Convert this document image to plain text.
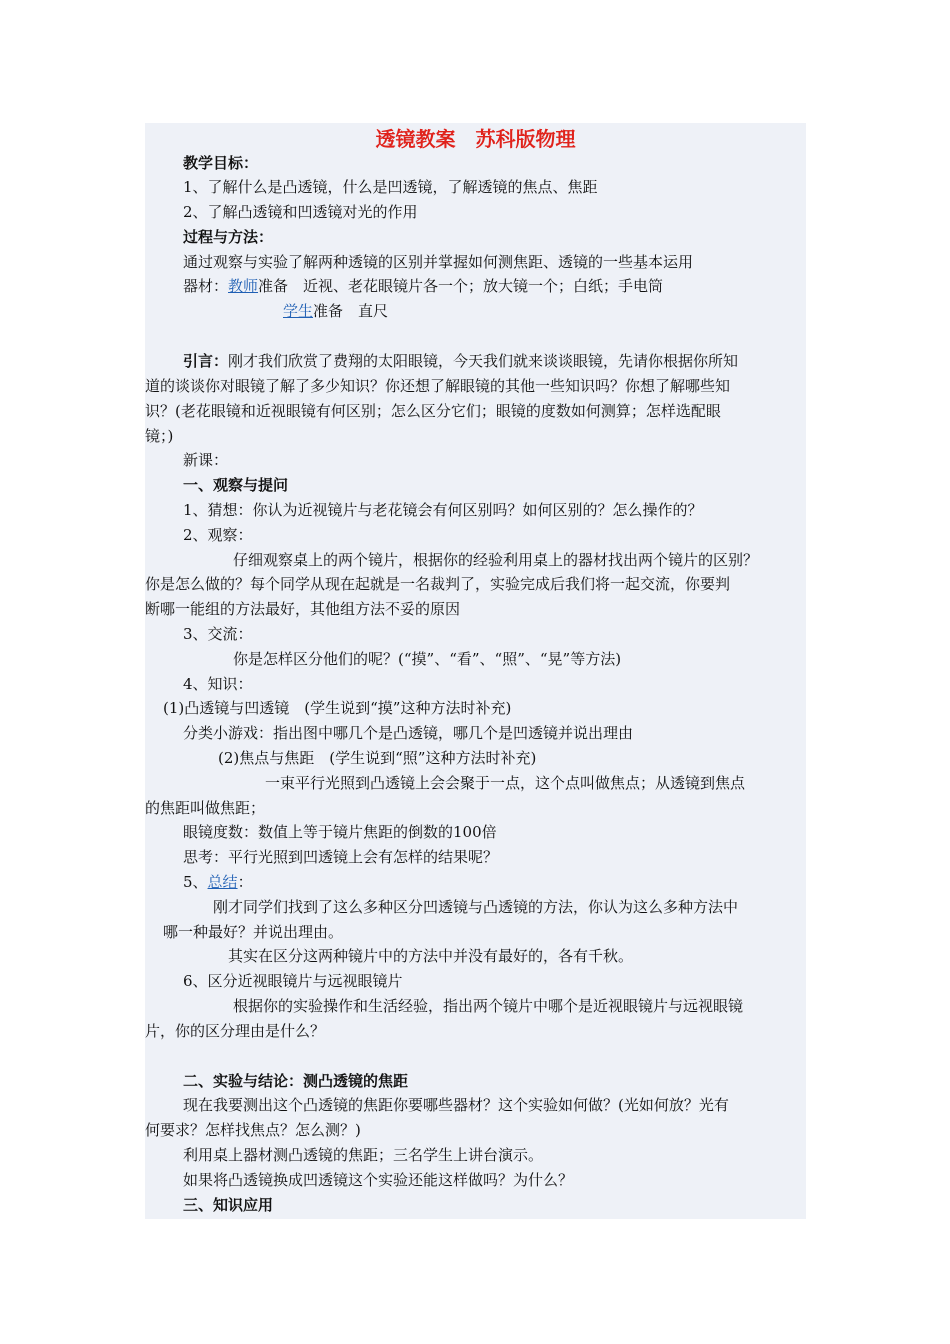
透镜教案　苏科版物理
教学目标：
1、了解什么是凸透镜，什么是凹透镜，了解透镜的焦点、焦距
2、了解凸透镜和凹透镜对光的作用
过程与方法：
通过观察与实验了解两种透镜的区别并掌握如何测焦距、透镜的一些基本运用
器材：教师准备　近视、老花眼镜片各一个；放大镜一个；白纸；手电筒
学生准备　直尺
引言：刚才我们欣赏了费翔的太阳眼镜，今天我们就来谈谈眼镜，先请你根据你所知
道的谈谈你对眼镜了解了多少知识？你还想了解眼镜的其他一些知识吗？你想了解哪些知
识？(老花眼镜和近视眼镜有何区别；怎么区分它们；眼镜的度数如何测算；怎样选配眼
镜；)
新课：
一、观察与提问
1、猜想：你认为近视镜片与老花镜会有何区别吗？如何区别的？怎么操作的？
2、观察：
仔细观察桌上的两个镜片，根据你的经验利用桌上的器材找出两个镜片的区别？
你是怎么做的？每个同学从现在起就是一名裁判了，实验完成后我们将一起交流，你要判
断哪一能组的方法最好，其他组方法不妥的原因
3、交流：
你是怎样区分他们的呢？(“摸”、“看”、“照”、“晃”等方法)
4、知识：
(1)凸透镜与凹透镜　(学生说到“摸”这种方法时补充)
分类小游戏：指出图中哪几个是凸透镜，哪几个是凹透镜并说出理由
(2)焦点与焦距　(学生说到“照”这种方法时补充)
一束平行光照到凸透镜上会会聚于一点，这个点叫做焦点；从透镜到焦点
的焦距叫做焦距；
眼镜度数：数值上等于镜片焦距的倒数的100倍
思考：平行光照到凹透镜上会有怎样的结果呢？
5、总结：
刚才同学们找到了这么多种区分凹透镜与凸透镜的方法，你认为这么多种方法中
哪一种最好？并说出理由。
其实在区分这两种镜片中的方法中并没有最好的，各有千秋。
6、区分近视眼镜片与远视眼镜片
根据你的实验操作和生活经验，指出两个镜片中哪个是近视眼镜片与远视眼镜
片，你的区分理由是什么？
二、实验与结论：测凸透镜的焦距
现在我要测出这个凸透镜的焦距你要哪些器材？这个实验如何做？(光如何放？光有
何要求？怎样找焦点？怎么测？)
利用桌上器材测凸透镜的焦距；三名学生上讲台演示。
如果将凸透镜换成凹透镜这个实验还能这样做吗？为什么？
三、知识应用
